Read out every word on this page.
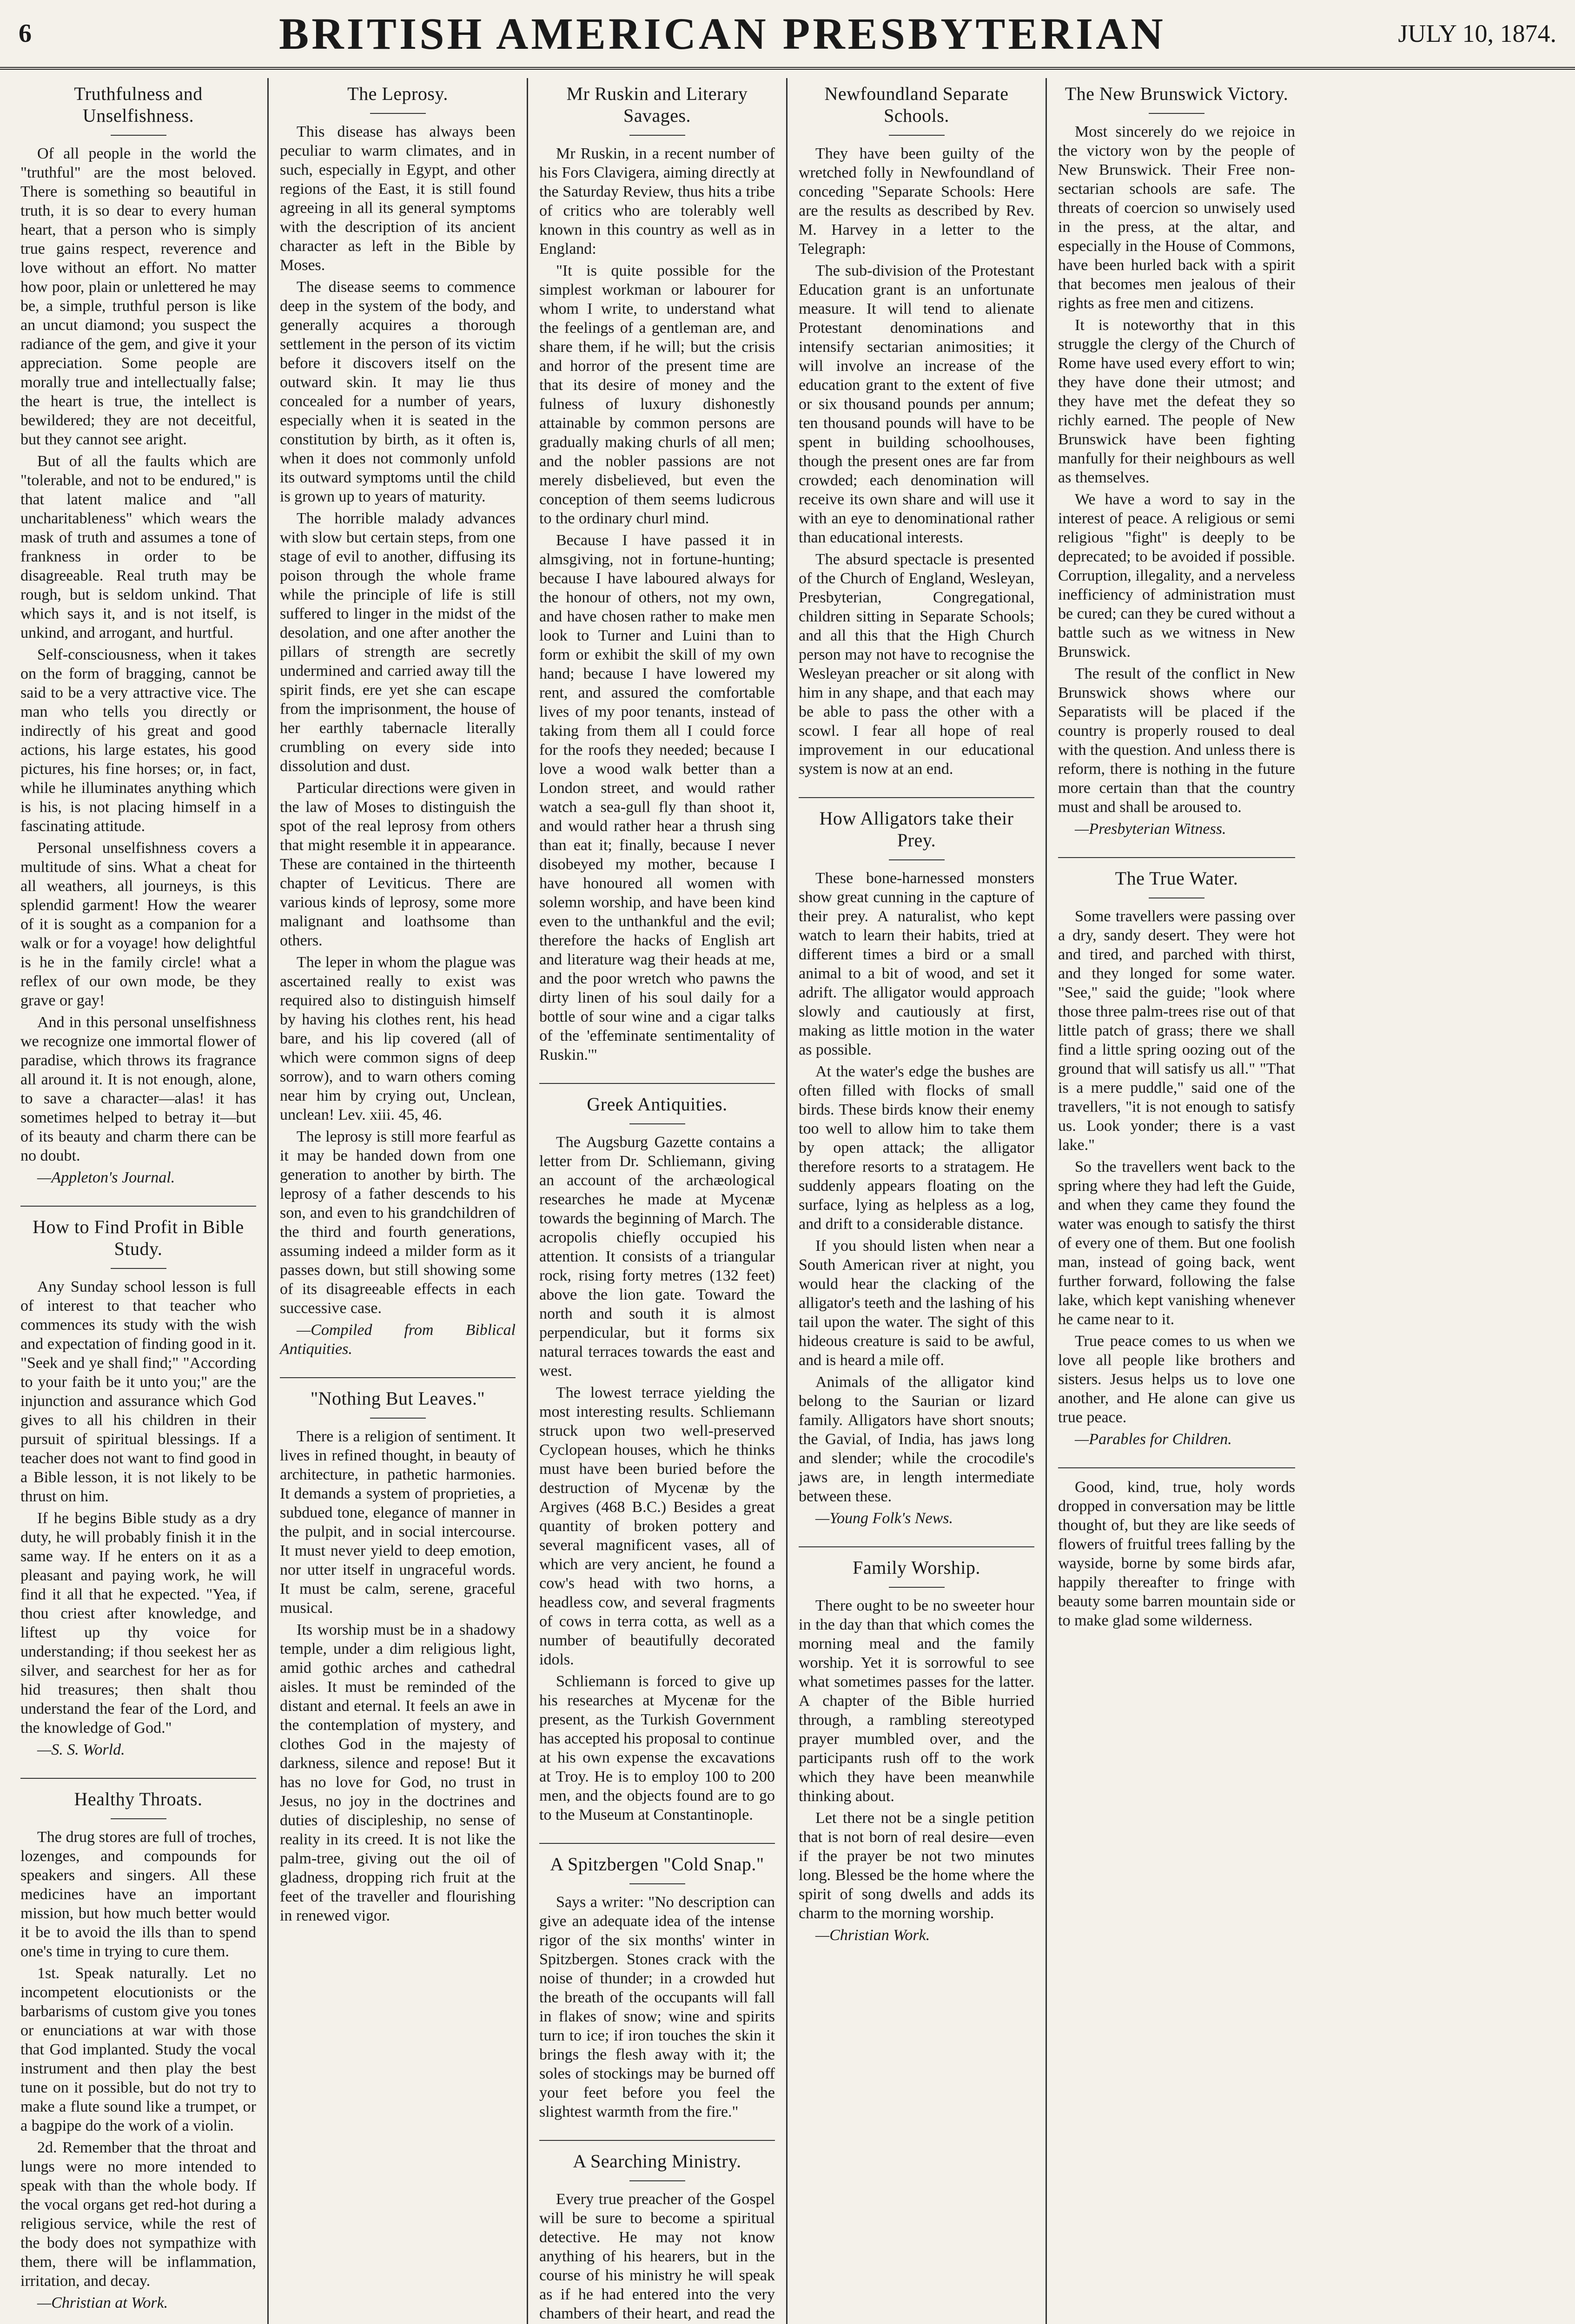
6	BRITISH AMERICAN PRESBYTERIAN	JULY 10, 1874.
Truthfulness and Unselfishness.

Of all people in the world the "truthful" are the most beloved. There is something so beautiful in truth, it is so dear to every human heart, that a person who is simply true gains respect, reverence and love without an effort. No matter how poor, plain or unlettered he may be, a simple, truthful person is like an uncut diamond; you suspect the radiance of the gem, and give it your appreciation. Some people are morally true and intellectually false; the heart is true, the intellect is bewildered; they are not deceitful, but they cannot see aright.

But of all the faults which are "tolerable, and not to be endured," is that latent malice and "all uncharitableness" which wears the mask of truth and assumes a tone of frankness in order to be disagreeable. Real truth may be rough, but is seldom unkind. That which says it, and is not itself, is unkind, and arrogant, and hurtful.

Self-consciousness, when it takes on the form of bragging, cannot be said to be a very attractive vice. The man who tells you directly or indirectly of his great and good actions, his large estates, his good pictures, his fine horses; or, in fact, while he illuminates anything which is his, is not placing himself in a fascinating attitude.

Personal unselfishness covers a multitude of sins. What a cheat for all weathers, all journeys, is this splendid garment! How the wearer of it is sought as a companion for a walk or for a voyage! how delightful is he in the family circle! what a reflex of our own mode, be they grave or gay!

And in this personal unselfishness we recognize one immortal flower of paradise, which throws its fragrance all around it. It is not enough, alone, to save a character—alas! it has sometimes helped to betray it—but of its beauty and charm there can be no doubt.

—Appleton's Journal.

How to Find Profit in Bible Study.

Any Sunday school lesson is full of interest to that teacher who commences its study with the wish and expectation of finding good in it. "Seek and ye shall find;" "According to your faith be it unto you;" are the injunction and assurance which God gives to all his children in their pursuit of spiritual blessings. If a teacher does not want to find good in a Bible lesson, it is not likely to be thrust on him.

If he begins Bible study as a dry duty, he will probably finish it in the same way. If he enters on it as a pleasant and paying work, he will find it all that he expected. "Yea, if thou criest after knowledge, and liftest up thy voice for understanding; if thou seekest her as silver, and searchest for her as for hid treasures; then shalt thou understand the fear of the Lord, and the knowledge of God."

—S. S. World.

Healthy Throats.

The drug stores are full of troches, lozenges, and compounds for speakers and singers. All these medicines have an important mission, but how much better would it be to avoid the ills than to spend one's time in trying to cure them.

1st. Speak naturally. Let no incompetent elocutionists or the barbarisms of custom give you tones or enunciations at war with those that God implanted. Study the vocal instrument and then play the best tune on it possible, but do not try to make a flute sound like a trumpet, or a bagpipe do the work of a violin.

2d. Remember that the throat and lungs were no more intended to speak with than the whole body. If the vocal organs get red-hot during a religious service, while the rest of the body does not sympathize with them, there will be inflammation, irritation, and decay.

—Christian at Work.

The Leprosy.

This disease has always been peculiar to warm climates, and in such, especially in Egypt, and other regions of the East, it is still found agreeing in all its general symptoms with the description of its ancient character as left in the Bible by Moses.

The disease seems to commence deep in the system of the body, and generally acquires a thorough settlement in the person of its victim before it discovers itself on the outward skin. It may lie thus concealed for a number of years, especially when it is seated in the constitution by birth, as it often is, when it does not commonly unfold its outward symptoms until the child is grown up to years of maturity.

The horrible malady advances with slow but certain steps, from one stage of evil to another, diffusing its poison through the whole frame while the principle of life is still suffered to linger in the midst of the desolation, and one after another the pillars of strength are secretly undermined and carried away till the spirit finds, ere yet she can escape from the imprisonment, the house of her earthly tabernacle literally crumbling on every side into dissolution and dust.

Particular directions were given in the law of Moses to distinguish the spot of the real leprosy from others that might resemble it in appearance. These are contained in the thirteenth chapter of Leviticus. There are various kinds of leprosy, some more malignant and loathsome than others.

The leper in whom the plague was ascertained really to exist was required also to distinguish himself by having his clothes rent, his head bare, and his lip covered (all of which were common signs of deep sorrow), and to warn others coming near him by crying out, Unclean, unclean! Lev. xiii. 45, 46.

The leprosy is still more fearful as it may be handed down from one generation to another by birth. The leprosy of a father descends to his son, and even to his grandchildren of the third and fourth generations, assuming indeed a milder form as it passes down, but still showing some of its disagreeable effects in each successive case.

—Compiled from Biblical Antiquities.

"Nothing But Leaves."

There is a religion of sentiment. It lives in refined thought, in beauty of architecture, in pathetic harmonies. It demands a system of proprieties, a subdued tone, elegance of manner in the pulpit, and in social intercourse. It must never yield to deep emotion, nor utter itself in ungraceful words. It must be calm, serene, graceful musical.

Its worship must be in a shadowy temple, under a dim religious light, amid gothic arches and cathedral aisles. It must be reminded of the distant and eternal. It feels an awe in the contemplation of mystery, and clothes God in the majesty of darkness, silence and repose! But it has no love for God, no trust in Jesus, no joy in the doctrines and duties of discipleship, no sense of reality in its creed. It is not like the palm-tree, giving out the oil of gladness, dropping rich fruit at the feet of the traveller and flourishing in renewed vigor.

Mr Ruskin and Literary Savages.

Mr Ruskin, in a recent number of his Fors Clavigera, aiming directly at the Saturday Review, thus hits a tribe of critics who are tolerably well known in this country as well as in England:

"It is quite possible for the simplest workman or labourer for whom I write, to understand what the feelings of a gentleman are, and share them, if he will; but the crisis and horror of the present time are that its desire of money and the fulness of luxury dishonestly attainable by common persons are gradually making churls of all men; and the nobler passions are not merely disbelieved, but even the conception of them seems ludicrous to the ordinary churl mind.

Because I have passed it in almsgiving, not in fortune-hunting; because I have laboured always for the honour of others, not my own, and have chosen rather to make men look to Turner and Luini than to form or exhibit the skill of my own hand; because I have lowered my rent, and assured the comfortable lives of my poor tenants, instead of taking from them all I could force for the roofs they needed; because I love a wood walk better than a London street, and would rather watch a sea-gull fly than shoot it, and would rather hear a thrush sing than eat it; finally, because I never disobeyed my mother, because I have honoured all women with solemn worship, and have been kind even to the unthankful and the evil; therefore the hacks of English art and literature wag their heads at me, and the poor wretch who pawns the dirty linen of his soul daily for a bottle of sour wine and a cigar talks of the 'effeminate sentimentality of Ruskin.'"

Greek Antiquities.

The Augsburg Gazette contains a letter from Dr. Schliemann, giving an account of the archæological researches he made at Mycenæ towards the beginning of March. The acropolis chiefly occupied his attention. It consists of a triangular rock, rising forty metres (132 feet) above the lion gate. Toward the north and south it is almost perpendicular, but it forms six natural terraces towards the east and west.

The lowest terrace yielding the most interesting results. Schliemann struck upon two well-preserved Cyclopean houses, which he thinks must have been buried before the destruction of Mycenæ by the Argives (468 B.C.) Besides a great quantity of broken pottery and several magnificent vases, all of which are very ancient, he found a cow's head with two horns, a headless cow, and several fragments of cows in terra cotta, as well as a number of beautifully decorated idols.

Schliemann is forced to give up his researches at Mycenæ for the present, as the Turkish Government has accepted his proposal to continue at his own expense the excavations at Troy. He is to employ 100 to 200 men, and the objects found are to go to the Museum at Constantinople.

A Spitzbergen "Cold Snap."

Says a writer: "No description can give an adequate idea of the intense rigor of the six months' winter in Spitzbergen. Stones crack with the noise of thunder; in a crowded hut the breath of the occupants will fall in flakes of snow; wine and spirits turn to ice; if iron touches the skin it brings the flesh away with it; the soles of stockings may be burned off your feet before you feel the slightest warmth from the fire."

A Searching Ministry.

Every true preacher of the Gospel will be sure to become a spiritual detective. He may not know anything of his hearers, but in the course of his ministry he will speak as if he had entered into the very chambers of their heart, and read the

Newfoundland Separate Schools.

They have been guilty of the wretched folly in Newfoundland of conceding "Separate Schools: Here are the results as described by Rev. M. Harvey in a letter to the Telegraph:

The sub-division of the Protestant Education grant is an unfortunate measure. It will tend to alienate Protestant denominations and intensify sectarian animosities; it will involve an increase of the education grant to the extent of five or six thousand pounds per annum; ten thousand pounds will have to be spent in building schoolhouses, though the present ones are far from crowded; each denomination will receive its own share and will use it with an eye to denominational rather than educational interests.

The absurd spectacle is presented of the Church of England, Wesleyan, Presbyterian, Congregational, children sitting in Separate Schools; and all this that the High Church person may not have to recognise the Wesleyan preacher or sit along with him in any shape, and that each may be able to pass the other with a scowl. I fear all hope of real improvement in our educational system is now at an end.

How Alligators take their Prey.

These bone-harnessed monsters show great cunning in the capture of their prey. A naturalist, who kept watch to learn their habits, tried at different times a bird or a small animal to a bit of wood, and set it adrift. The alligator would approach slowly and cautiously at first, making as little motion in the water as possible.

At the water's edge the bushes are often filled with flocks of small birds. These birds know their enemy too well to allow him to take them by open attack; the alligator therefore resorts to a stratagem. He suddenly appears floating on the surface, lying as helpless as a log, and drift to a considerable distance.

If you should listen when near a South American river at night, you would hear the clacking of the alligator's teeth and the lashing of his tail upon the water. The sight of this hideous creature is said to be awful, and is heard a mile off.

Animals of the alligator kind belong to the Saurian or lizard family. Alligators have short snouts; the Gavial, of India, has jaws long and slender; while the crocodile's jaws are, in length intermediate between these.

—Young Folk's News.

Family Worship.

There ought to be no sweeter hour in the day than that which comes the morning meal and the family worship. Yet it is sorrowful to see what sometimes passes for the latter. A chapter of the Bible hurried through, a rambling stereotyped prayer mumbled over, and the participants rush off to the work which they have been meanwhile thinking about.

Let there not be a single petition that is not born of real desire—even if the prayer be not two minutes long. Blessed be the home where the spirit of song dwells and adds its charm to the morning worship.

—Christian Work.

The New Brunswick Victory.

Most sincerely do we rejoice in the victory won by the people of New Brunswick. Their Free non-sectarian schools are safe. The threats of coercion so unwisely used in the press, at the altar, and especially in the House of Commons, have been hurled back with a spirit that becomes men jealous of their rights as free men and citizens.

It is noteworthy that in this struggle the clergy of the Church of Rome have used every effort to win; they have done their utmost; and they have met the defeat they so richly earned. The people of New Brunswick have been fighting manfully for their neighbours as well as themselves.

We have a word to say in the interest of peace. A religious or semi religious "fight" is deeply to be deprecated; to be avoided if possible. Corruption, illegality, and a nerveless inefficiency of administration must be cured; can they be cured without a battle such as we witness in New Brunswick.

The result of the conflict in New Brunswick shows where our Separatists will be placed if the country is properly roused to deal with the question. And unless there is reform, there is nothing in the future more certain than that the country must and shall be aroused to.

—Presbyterian Witness.

The True Water.

Some travellers were passing over a dry, sandy desert. They were hot and tired, and parched with thirst, and they longed for some water. "See," said the guide; "look where those three palm-trees rise out of that little patch of grass; there we shall find a little spring oozing out of the ground that will satisfy us all." "That is a mere puddle," said one of the travellers, "it is not enough to satisfy us. Look yonder; there is a vast lake."

So the travellers went back to the spring where they had left the Guide, and when they came they found the water was enough to satisfy the thirst of every one of them. But one foolish man, instead of going back, went further forward, following the false lake, which kept vanishing whenever he came near to it.

True peace comes to us when we love all people like brothers and sisters. Jesus helps us to love one another, and He alone can give us true peace.

—Parables for Children.

Good, kind, true, holy words dropped in conversation may be little thought of, but they are like seeds of flowers of fruitful trees falling by the wayside, borne by some birds afar, happily thereafter to fringe with beauty some barren mountain side or to make glad some wilderness.
